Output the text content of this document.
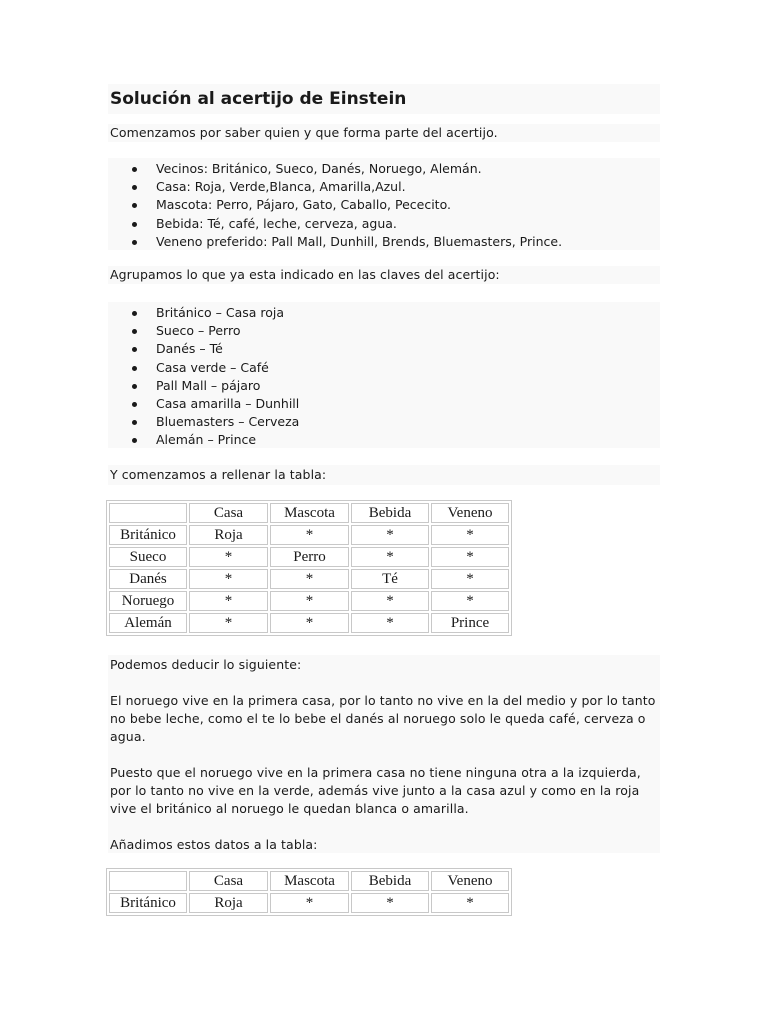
Solución al acertijo de Einstein
Comenzamos por saber quien y que forma parte del acertijo.
Vecinos: Británico, Sueco, Danés, Noruego, Alemán.
Casa: Roja, Verde,Blanca, Amarilla,Azul.
Mascota: Perro, Pájaro, Gato, Caballo, Pececito.
Bebida: Té, café, leche, cerveza, agua.
Veneno preferido: Pall Mall, Dunhill, Brends, Bluemasters, Prince.
Agrupamos lo que ya esta indicado en las claves del acertijo:
Británico – Casa roja
Sueco – Perro
Danés – Té
Casa verde – Café
Pall Mall – pájaro
Casa amarilla – Dunhill
Bluemasters – Cerveza
Alemán – Prince
Y comenzamos a rellenar la tabla:
	Casa	Mascota	Bebida	Veneno
Británico	Roja	*	*	*
Sueco	*	Perro	*	*
Danés	*	*	Té	*
Noruego	*	*	*	*
Alemán	*	*	*	Prince

Podemos deducir lo siguiente:

El noruego vive en la primera casa, por lo tanto no vive en la del medio y por lo tanto no bebe leche, como el te lo bebe el danés al noruego solo le queda café, cerveza o agua.

Puesto que el noruego vive en la primera casa no tiene ninguna otra a la izquierda, por lo tanto no vive en la verde, además vive junto a la casa azul y como en la roja vive el británico al noruego le quedan blanca o amarilla.

Añadimos estos datos a la tabla:

	Casa	Mascota	Bebida	Veneno
Británico	Roja	*	*	*
